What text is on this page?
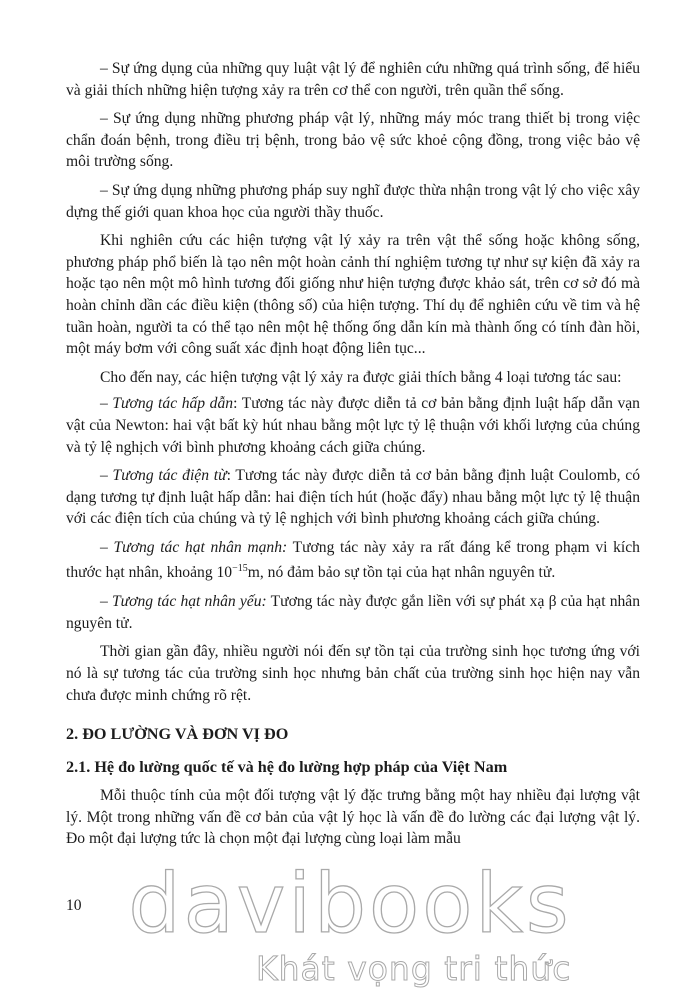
– Sự ứng dụng của những quy luật vật lý để nghiên cứu những quá trình sống, để hiểu và giải thích những hiện tượng xảy ra trên cơ thể con người, trên quần thể sống.

– Sự ứng dụng những phương pháp vật lý, những máy móc trang thiết bị trong việc chẩn đoán bệnh, trong điều trị bệnh, trong bảo vệ sức khoẻ cộng đồng, trong việc bảo vệ môi trường sống.

– Sự ứng dụng những phương pháp suy nghĩ được thừa nhận trong vật lý cho việc xây dựng thế giới quan khoa học của người thầy thuốc.

Khi nghiên cứu các hiện tượng vật lý xảy ra trên vật thể sống hoặc không sống, phương pháp phổ biến là tạo nên một hoàn cảnh thí nghiệm tương tự như sự kiện đã xảy ra hoặc tạo nên một mô hình tương đối giống như hiện tượng được khảo sát, trên cơ sở đó mà hoàn chỉnh dần các điều kiện (thông số) của hiện tượng. Thí dụ để nghiên cứu về tim và hệ tuần hoàn, người ta có thể tạo nên một hệ thống ống dẫn kín mà thành ống có tính đàn hồi, một máy bơm với công suất xác định hoạt động liên tục...

Cho đến nay, các hiện tượng vật lý xảy ra được giải thích bằng 4 loại tương tác sau:

– Tương tác hấp dẫn: Tương tác này được diễn tả cơ bản bằng định luật hấp dẫn vạn vật của Newton: hai vật bất kỳ hút nhau bằng một lực tỷ lệ thuận với khối lượng của chúng và tỷ lệ nghịch với bình phương khoảng cách giữa chúng.

– Tương tác điện từ: Tương tác này được diễn tả cơ bản bằng định luật Coulomb, có dạng tương tự định luật hấp dẫn: hai điện tích hút (hoặc đẩy) nhau bằng một lực tỷ lệ thuận với các điện tích của chúng và tỷ lệ nghịch với bình phương khoảng cách giữa chúng.

– Tương tác hạt nhân mạnh: Tương tác này xảy ra rất đáng kể trong phạm vi kích thước hạt nhân, khoảng $10^{-15}m$, nó đảm bảo sự tồn tại của hạt nhân nguyên tử.

– Tương tác hạt nhân yếu: Tương tác này được gắn liền với sự phát xạ β của hạt nhân nguyên tử.

Thời gian gần đây, nhiều người nói đến sự tồn tại của trường sinh học tương ứng với nó là sự tương tác của trường sinh học nhưng bản chất của trường sinh học hiện nay vẫn chưa được minh chứng rõ rệt.

2. ĐO LƯỜNG VÀ ĐƠN VỊ ĐO
2.1. Hệ đo lường quốc tế và hệ đo lường hợp pháp của Việt Nam

Mỗi thuộc tính của một đối tượng vật lý đặc trưng bằng một hay nhiều đại lượng vật lý. Một trong những vấn đề cơ bản của vật lý học là vấn đề đo lường các đại lượng vật lý. Đo một đại lượng tức là chọn một đại lượng cùng loại làm mẫu

10 davibooks
Khát vọng tri thức
